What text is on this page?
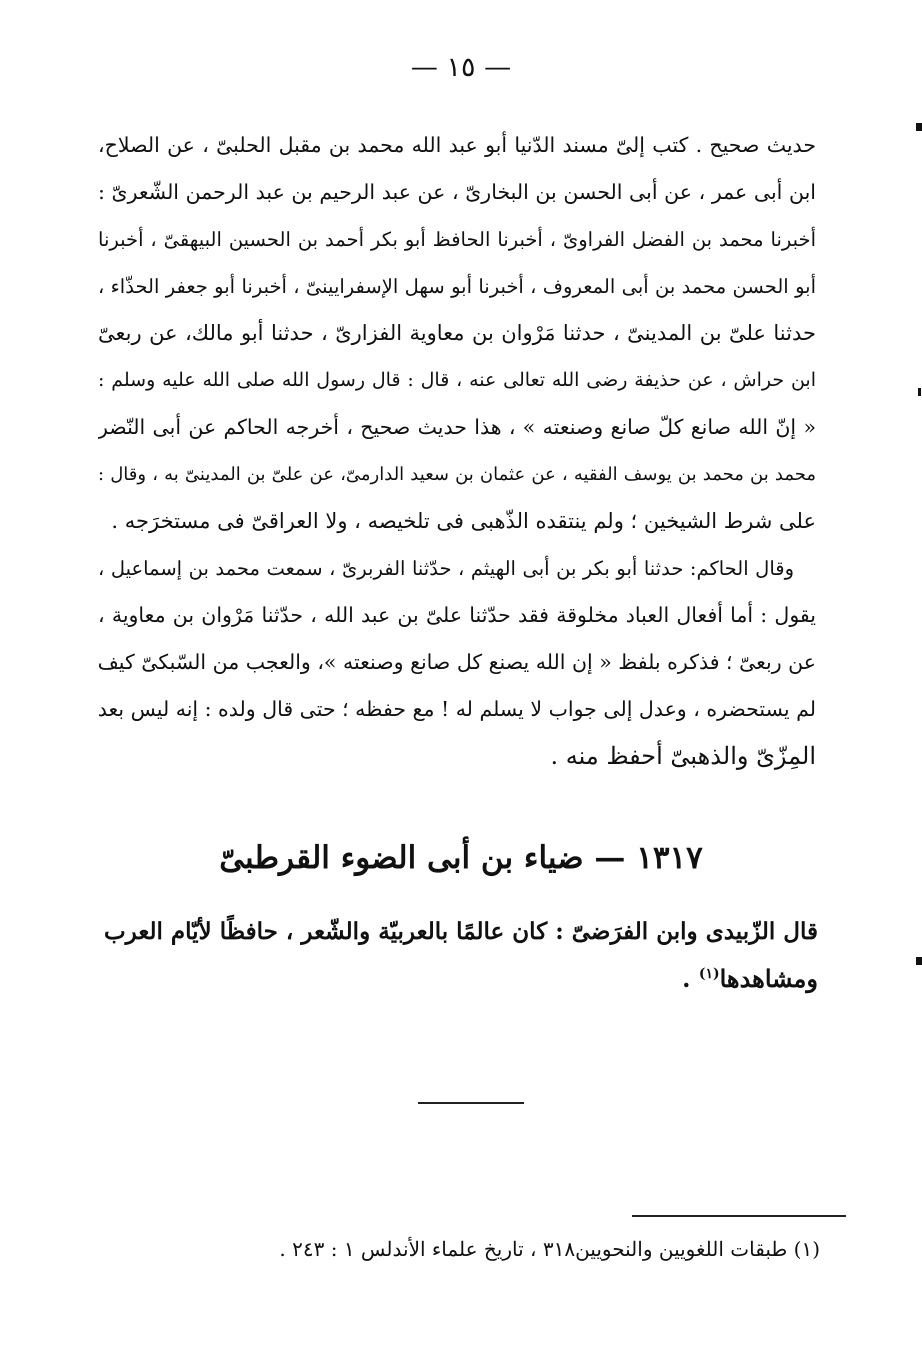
— ١٥ —
حديث صحيح . كتب إلىّ مسند الدّنيا أبو عبد الله محمد بن مقبل الحلبىّ ، عن الصلاح،
ابن أبى عمر ، عن أبى الحسن بن البخارىّ ، عن عبد الرحيم بن عبد الرحمن الشّعرىّ :
أخبرنا محمد بن الفضل الفراوىّ ، أخبرنا الحافظ أبو بكر أحمد بن الحسين البيهقىّ ، أخبرنا
أبو الحسن محمد بن أبى المعروف ، أخبرنا أبو سهل الإسفرايينىّ ، أخبرنا أبو جعفر الحذّاء ،
حدثنا علىّ بن المدينىّ ، حدثنا مَرْوان بن معاوية الفزارىّ ، حدثنا أبو مالك، عن ربعىّ
ابن حراش ، عن حذيفة رضى الله تعالى عنه ، قال : قال رسول الله صلى الله عليه وسلم :
« إنّ الله صانع كلّ صانع وصنعته » ، هذا حديث صحيح ، أخرجه الحاكم عن أبى النّضر
محمد بن محمد بن يوسف الفقيه ، عن عثمان بن سعيد الدارمىّ، عن علىّ بن المدينىّ به ، وقال :
على شرط الشيخين ؛ ولم ينتقده الذّهبى فى تلخيصه ، ولا العراقىّ فى مستخرَجه .
وقال الحاكم: حدثنا أبو بكر بن أبى الهيثم ، حدّثنا الفربرىّ ، سمعت محمد بن إسماعيل ،
يقول : أما أفعال العباد مخلوقة فقد حدّثنا علىّ بن عبد الله ، حدّثنا مَرْوان بن معاوية ،
عن ربعىّ ؛ فذكره بلفظ « إن الله يصنع كل صانع وصنعته »، والعجب من السّبكىّ كيف
لم يستحضره ، وعدل إلى جواب لا يسلم له ! مع حفظه ؛ حتى قال ولده : إنه ليس بعد
المِزّىّ والذهبىّ أحفظ منه .
١٣١٧ — ضياء بن أبى الضوء القرطبىّ
قال الزّبيدى وابن الفرَضىّ : كان عالمًا بالعربيّة والشّعر ، حافظًا لأيّام العرب
ومشاهدها$^{(١)}$ .
(١) طبقات اللغويين والنحويين٣١٨ ، تاريخ علماء الأندلس ١ : ٢٤٣ .
